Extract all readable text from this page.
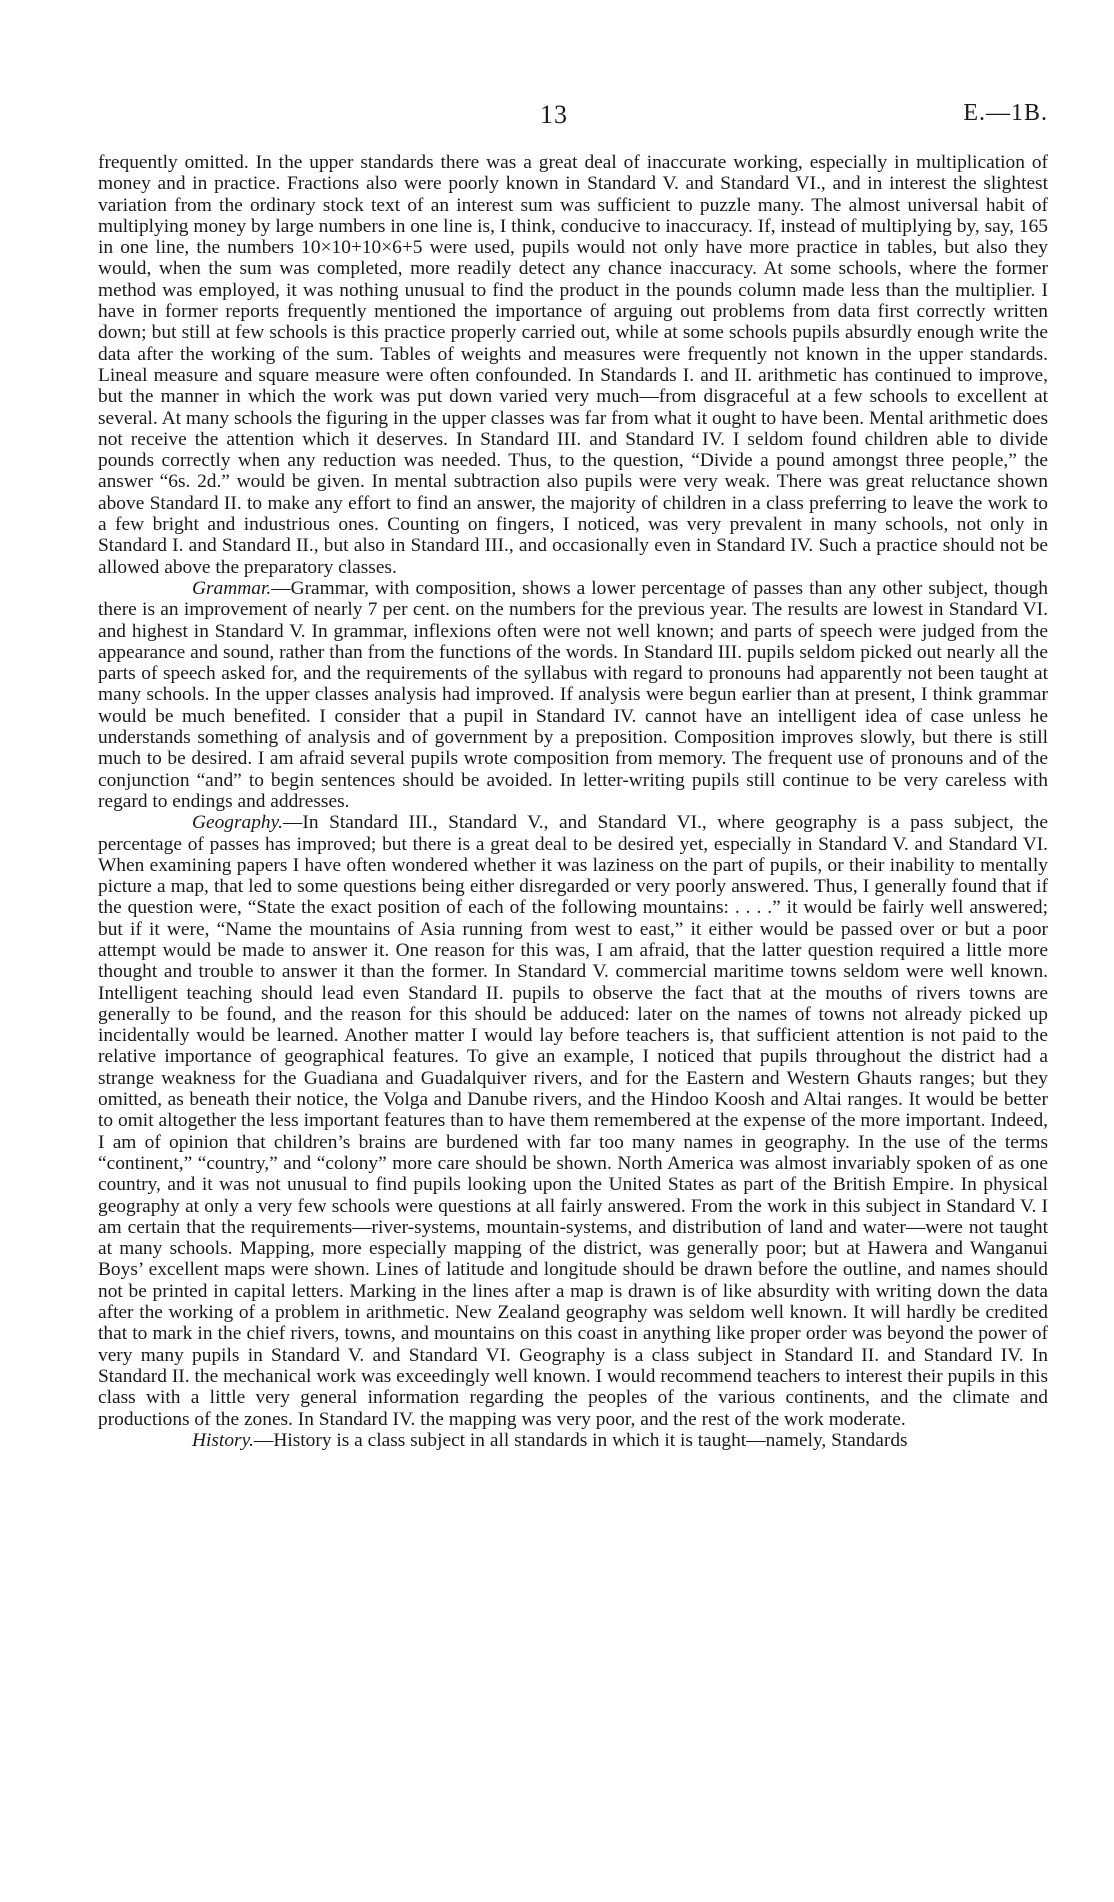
13	E.—1B.

frequently omitted. In the upper standards there was a great deal of inaccurate working, especially in multiplication of money and in practice. Fractions also were poorly known in Standard V. and Standard VI., and in interest the slightest variation from the ordinary stock text of an interest sum was sufficient to puzzle many. The almost universal habit of multiplying money by large numbers in one line is, I think, conducive to inaccuracy. If, instead of multiplying by, say, 165 in one line, the numbers 10×10+10×6+5 were used, pupils would not only have more practice in tables, but also they would, when the sum was completed, more readily detect any chance inaccuracy. At some schools, where the former method was employed, it was nothing unusual to find the product in the pounds column made less than the multiplier. I have in former reports frequently mentioned the importance of arguing out problems from data first correctly written down; but still at few schools is this practice properly carried out, while at some schools pupils absurdly enough write the data after the working of the sum. Tables of weights and measures were frequently not known in the upper standards. Lineal measure and square measure were often confounded. In Standards I. and II. arithmetic has continued to improve, but the manner in which the work was put down varied very much—from disgraceful at a few schools to excellent at several. At many schools the figuring in the upper classes was far from what it ought to have been. Mental arithmetic does not receive the attention which it deserves. In Standard III. and Standard IV. I seldom found children able to divide pounds correctly when any reduction was needed. Thus, to the question, “Divide a pound amongst three people,” the answer “6s. 2d.” would be given. In mental subtraction also pupils were very weak. There was great reluctance shown above Standard II. to make any effort to find an answer, the majority of children in a class preferring to leave the work to a few bright and industrious ones. Counting on fingers, I noticed, was very prevalent in many schools, not only in Standard I. and Standard II., but also in Standard III., and occasionally even in Standard IV. Such a practice should not be allowed above the preparatory classes.

Grammar.—Grammar, with composition, shows a lower percentage of passes than any other subject, though there is an improvement of nearly 7 per cent. on the numbers for the previous year. The results are lowest in Standard VI. and highest in Standard V. In grammar, inflexions often were not well known; and parts of speech were judged from the appearance and sound, rather than from the functions of the words. In Standard III. pupils seldom picked out nearly all the parts of speech asked for, and the requirements of the syllabus with regard to pronouns had apparently not been taught at many schools. In the upper classes analysis had improved. If analysis were begun earlier than at present, I think grammar would be much benefited. I consider that a pupil in Standard IV. cannot have an intelligent idea of case unless he understands something of analysis and of government by a preposition. Composition improves slowly, but there is still much to be desired. I am afraid several pupils wrote composition from memory. The frequent use of pronouns and of the conjunction “and” to begin sentences should be avoided. In letter-writing pupils still continue to be very careless with regard to endings and addresses.

Geography.—In Standard III., Standard V., and Standard VI., where geography is a pass subject, the percentage of passes has improved; but there is a great deal to be desired yet, especially in Standard V. and Standard VI. When examining papers I have often wondered whether it was laziness on the part of pupils, or their inability to mentally picture a map, that led to some questions being either disregarded or very poorly answered. Thus, I generally found that if the question were, “State the exact position of each of the following mountains: . . . .” it would be fairly well answered; but if it were, “Name the mountains of Asia running from west to east,” it either would be passed over or but a poor attempt would be made to answer it. One reason for this was, I am afraid, that the latter question required a little more thought and trouble to answer it than the former. In Standard V. commercial maritime towns seldom were well known. Intelligent teaching should lead even Standard II. pupils to observe the fact that at the mouths of rivers towns are generally to be found, and the reason for this should be adduced: later on the names of towns not already picked up incidentally would be learned. Another matter I would lay before teachers is, that sufficient attention is not paid to the relative importance of geographical features. To give an example, I noticed that pupils throughout the district had a strange weakness for the Guadiana and Guadalquiver rivers, and for the Eastern and Western Ghauts ranges; but they omitted, as beneath their notice, the Volga and Danube rivers, and the Hindoo Koosh and Altai ranges. It would be better to omit altogether the less important features than to have them remembered at the expense of the more important. Indeed, I am of opinion that children’s brains are burdened with far too many names in geography. In the use of the terms “continent,” “country,” and “colony” more care should be shown. North America was almost invariably spoken of as one country, and it was not unusual to find pupils looking upon the United States as part of the British Empire. In physical geography at only a very few schools were questions at all fairly answered. From the work in this subject in Standard V. I am certain that the requirements—river-systems, mountain-systems, and distribution of land and water—were not taught at many schools. Mapping, more especially mapping of the district, was generally poor; but at Hawera and Wanganui Boys’ excellent maps were shown. Lines of latitude and longitude should be drawn before the outline, and names should not be printed in capital letters. Marking in the lines after a map is drawn is of like absurdity with writing down the data after the working of a problem in arithmetic. New Zealand geography was seldom well known. It will hardly be credited that to mark in the chief rivers, towns, and mountains on this coast in anything like proper order was beyond the power of very many pupils in Standard V. and Standard VI. Geography is a class subject in Standard II. and Standard IV. In Standard II. the mechanical work was exceedingly well known. I would recommend teachers to interest their pupils in this class with a little very general information regarding the peoples of the various continents, and the climate and productions of the zones. In Standard IV. the mapping was very poor, and the rest of the work moderate.

History.—History is a class subject in all standards in which it is taught—namely, Standards
